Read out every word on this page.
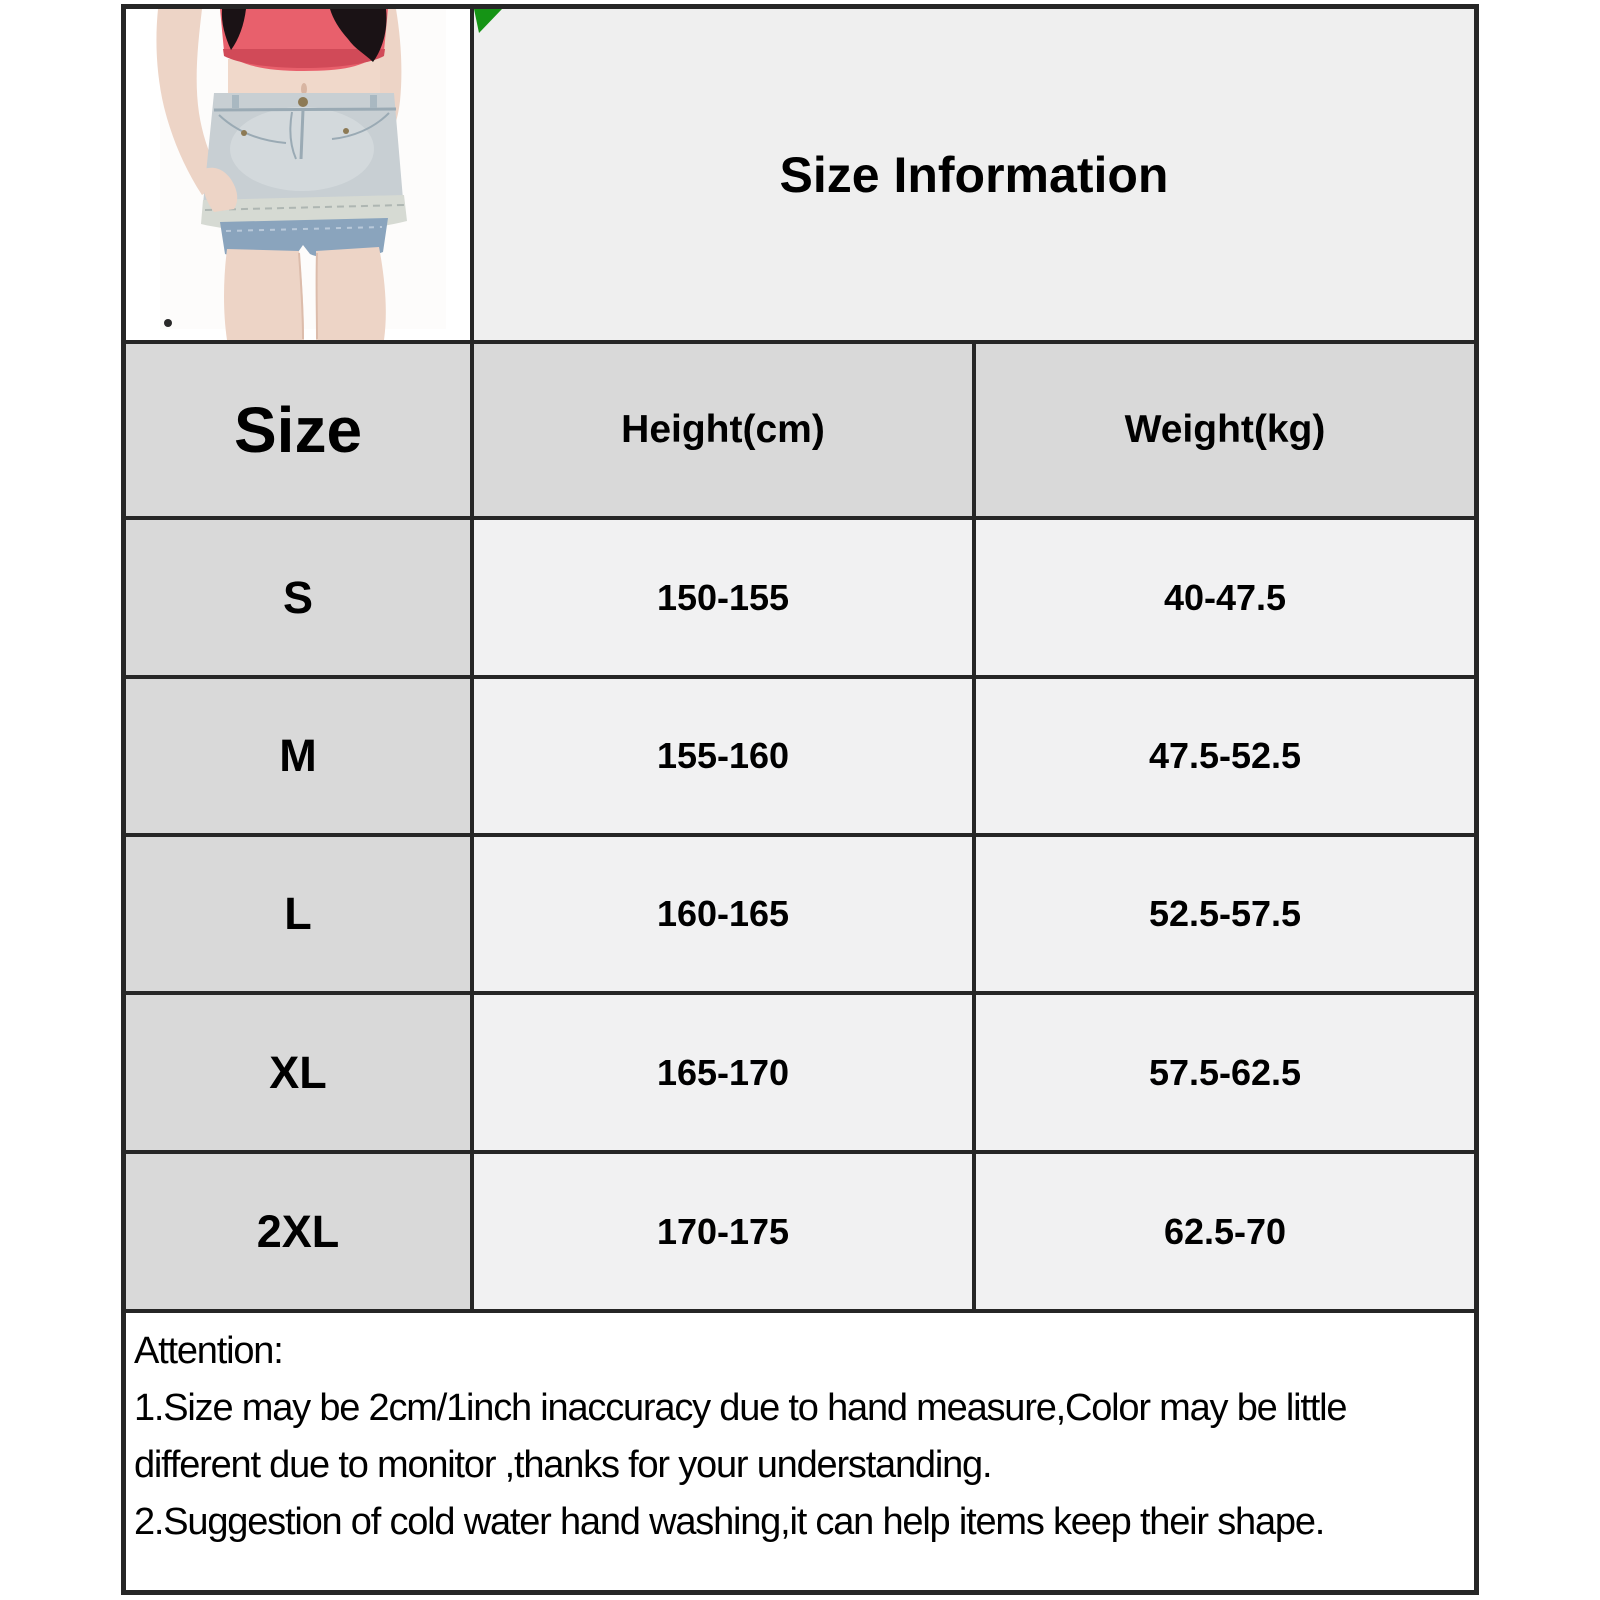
Size Information
Size	Height(cm)	Weight(kg)
S	150-155	40-47.5
M	155-160	47.5-52.5
L	160-165	52.5-57.5
XL	165-170	57.5-62.5
2XL	170-175	62.5-70
Attention:
1.Size may be 2cm/1inch inaccuracy due to hand measure,Color may be little different due to monitor ,thanks for your understanding.
2.Suggestion of cold water hand washing,it can help items keep their shape.
